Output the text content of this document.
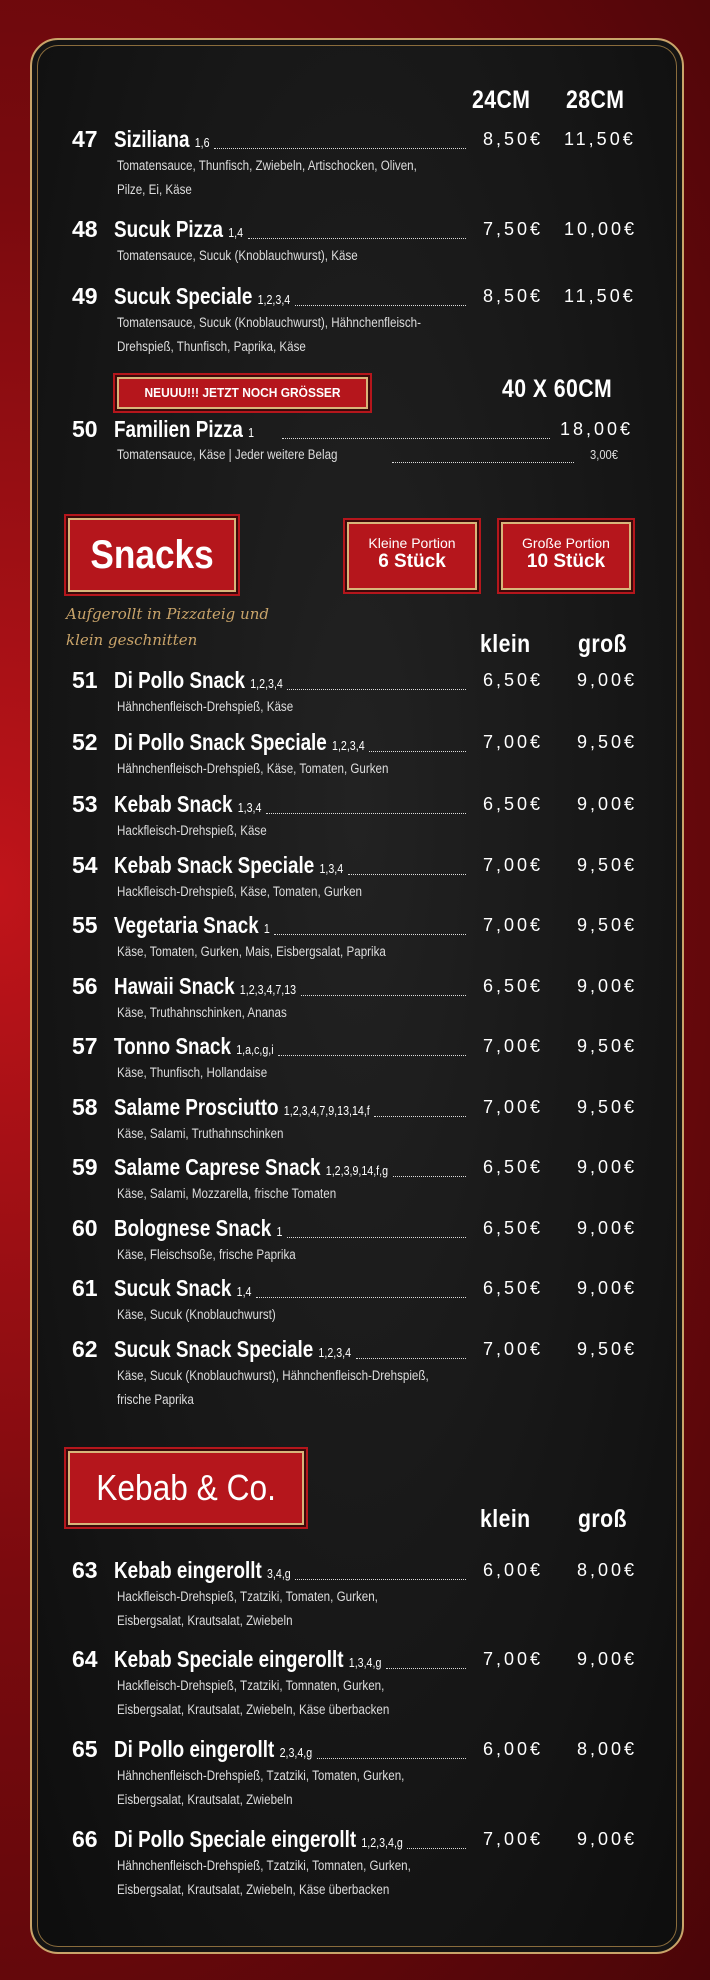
24CM 28CM
47 Siziliana 1,6	8,50€ 11,50€
Tomatensauce, Thunfisch, Zwiebeln, Artischocken, Oliven,
Pilze, Ei, Käse
48 Sucuk Pizza 1,4	7,50€ 10,00€
Tomatensauce, Sucuk (Knoblauchwurst), Käse
49 Sucuk Speciale 1,2,3,4	8,50€ 11,50€
Tomatensauce, Sucuk (Knoblauchwurst), Hähnchenfleisch-
Drehspieß, Thunfisch, Paprika, Käse
NEUUU!!! JETZT NOCH GRÖSSER	40 X 60CM
50 Familien Pizza 1	18,00€
Tomatensauce, Käse | Jeder weitere Belag	3,00€
Snacks	Kleine Portion
6 Stück
Große Portion
10 Stück
Aufgerollt in Pizzateig und
klein geschnitten	klein groß
51 Di Pollo Snack 1,2,3,4	6,50€ 9,00€
Hähnchenfleisch-Drehspieß, Käse
52 Di Pollo Snack Speciale 1,2,3,4	7,00€ 9,50€
Hähnchenfleisch-Drehspieß, Käse, Tomaten, Gurken
53 Kebab Snack 1,3,4	6,50€ 9,00€
Hackfleisch-Drehspieß, Käse
54 Kebab Snack Speciale 1,3,4	7,00€ 9,50€
Hackfleisch-Drehspieß, Käse, Tomaten, Gurken
55 Vegetaria Snack 1	7,00€ 9,50€
Käse, Tomaten, Gurken, Mais, Eisbergsalat, Paprika
56 Hawaii Snack 1,2,3,4,7,13	6,50€ 9,00€
Käse, Truthahnschinken, Ananas
57 Tonno Snack 1,a,c,g,i	7,00€ 9,50€
Käse, Thunfisch, Hollandaise
58 Salame Prosciutto 1,2,3,4,7,9,13,14,f	7,00€ 9,50€
Käse, Salami, Truthahnschinken
59 Salame Caprese Snack 1,2,3,9,14,f,g	6,50€ 9,00€
Käse, Salami, Mozzarella, frische Tomaten
60 Bolognese Snack 1	6,50€ 9,00€
Käse, Fleischsoße, frische Paprika
61 Sucuk Snack 1,4	6,50€ 9,00€
Käse, Sucuk (Knoblauchwurst)
62 Sucuk Snack Speciale 1,2,3,4	7,00€ 9,50€
Käse, Sucuk (Knoblauchwurst), Hähnchenfleisch-Drehspieß,
frische Paprika
Kebab & Co.
klein groß
63 Kebab eingerollt 3,4,g	6,00€ 8,00€
Hackfleisch-Drehspieß, Tzatziki, Tomaten, Gurken,
Eisbergsalat, Krautsalat, Zwiebeln
64 Kebab Speciale eingerollt 1,3,4,g	7,00€ 9,00€
Hackfleisch-Drehspieß, Tzatziki, Tomnaten, Gurken,
Eisbergsalat, Krautsalat, Zwiebeln, Käse überbacken
65 Di Pollo eingerollt 2,3,4,g	6,00€ 8,00€
Hähnchenfleisch-Drehspieß, Tzatziki, Tomaten, Gurken,
Eisbergsalat, Krautsalat, Zwiebeln
66 Di Pollo Speciale eingerollt 1,2,3,4,g	7,00€ 9,00€
Hähnchenfleisch-Drehspieß, Tzatziki, Tomnaten, Gurken,
Eisbergsalat, Krautsalat, Zwiebeln, Käse überbacken
